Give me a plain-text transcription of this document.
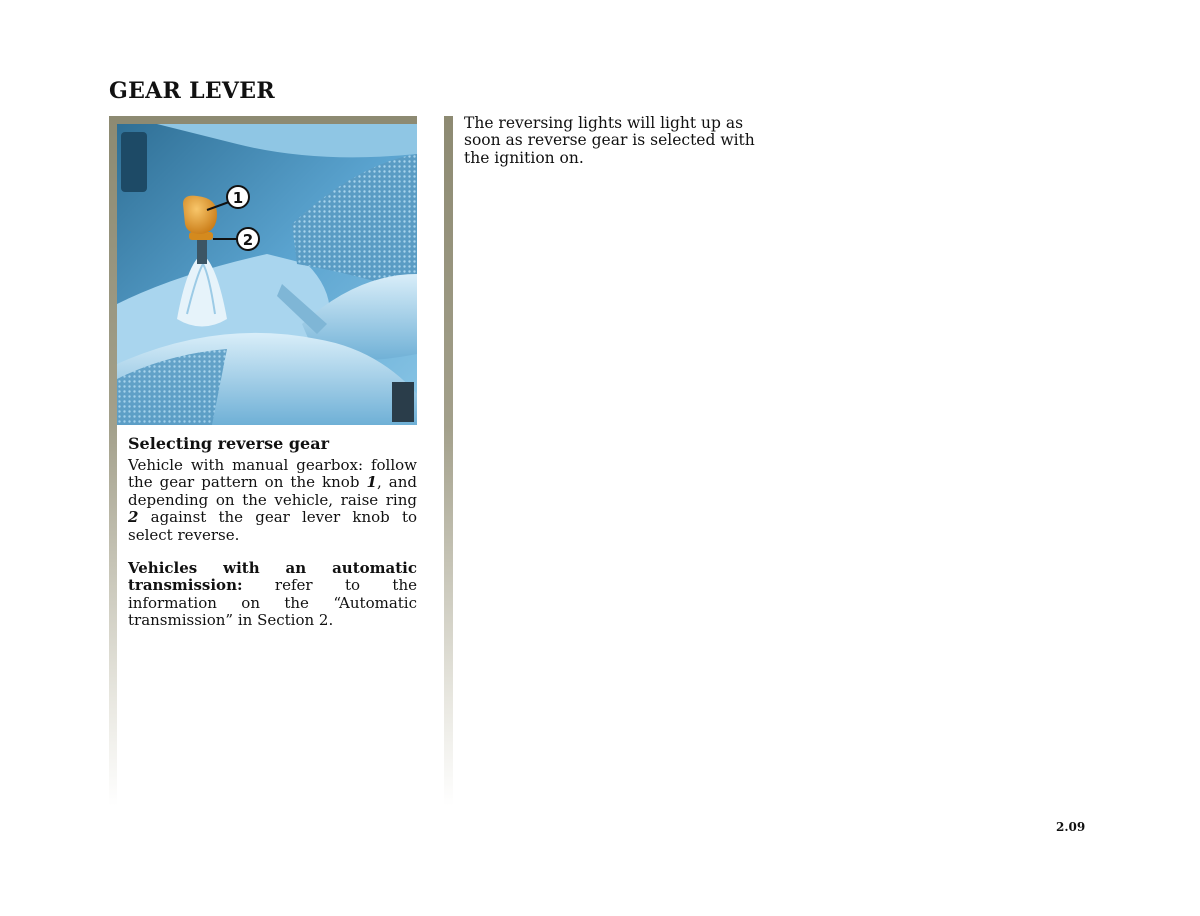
GEAR LEVER
1
2
Selecting reverse gear

Vehicle with manual gearbox: follow the gear pattern on the knob 1, and depending on the vehicle, raise ring 2 against the gear lever knob to select reverse.

Vehicles with an automatic transmission: refer to the information on the “Automatic transmission” in Section 2.

The reversing lights will light up as soon as reverse gear is selected with the ignition on.

2.09
